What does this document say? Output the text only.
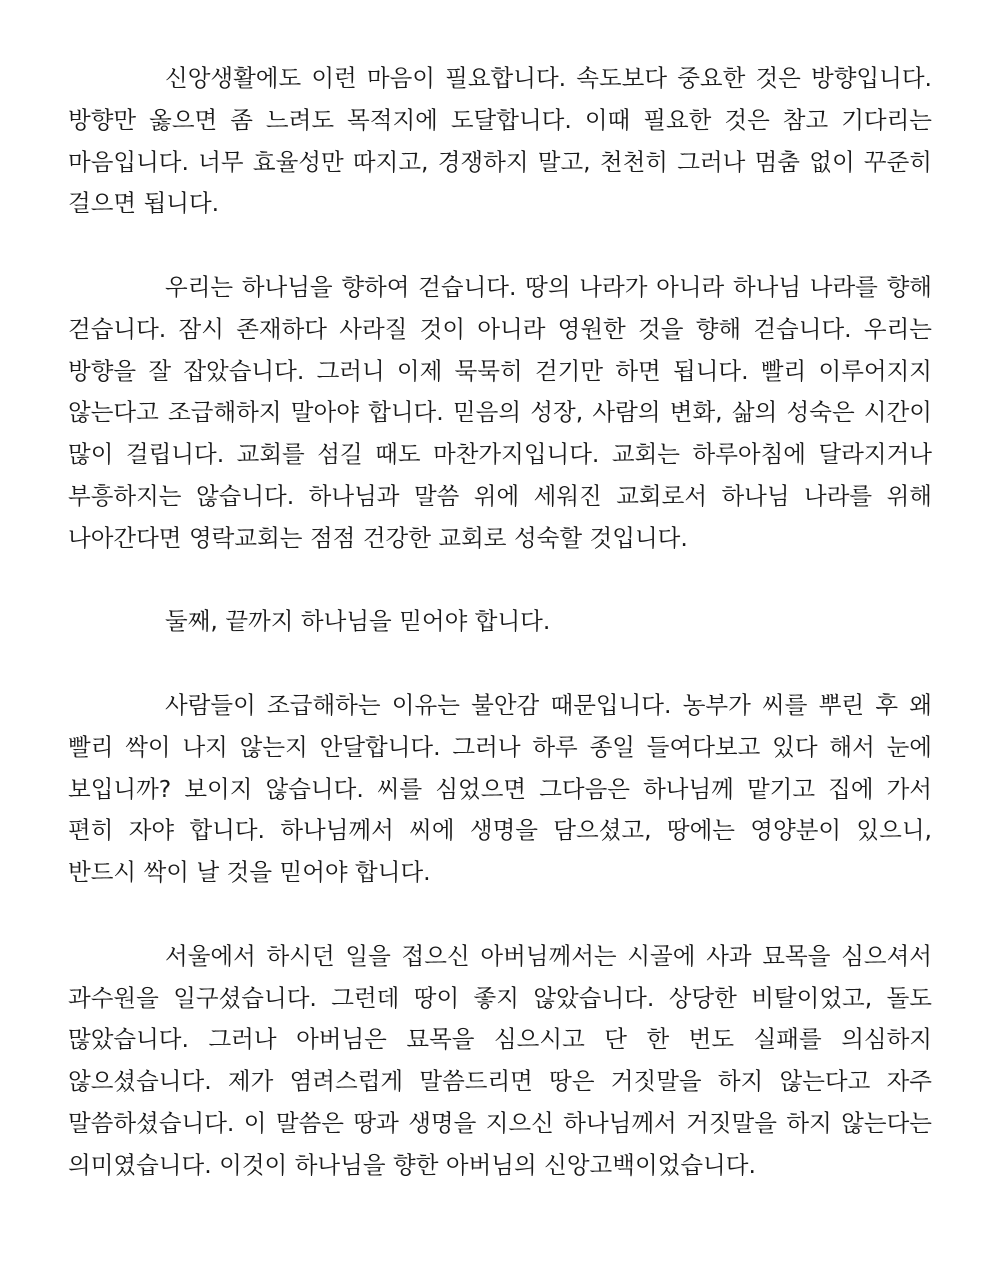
신앙생활에도 이런 마음이 필요합니다. 속도보다 중요한 것은 방향입니다. 방향만 옳으면 좀 느려도 목적지에 도달합니다. 이때 필요한 것은 참고 기다리는 마음입니다. 너무 효율성만 따지고, 경쟁하지 말고, 천천히 그러나 멈춤 없이 꾸준히 걸으면 됩니다.

우리는 하나님을 향하여 걷습니다. 땅의 나라가 아니라 하나님 나라를 향해 걷습니다. 잠시 존재하다 사라질 것이 아니라 영원한 것을 향해 걷습니다. 우리는 방향을 잘 잡았습니다. 그러니 이제 묵묵히 걷기만 하면 됩니다. 빨리 이루어지지 않는다고 조급해하지 말아야 합니다. 믿음의 성장, 사람의 변화, 삶의 성숙은 시간이 많이 걸립니다. 교회를 섬길 때도 마찬가지입니다. 교회는 하루아침에 달라지거나 부흥하지는 않습니다. 하나님과 말씀 위에 세워진 교회로서 하나님 나라를 위해 나아간다면 영락교회는 점점 건강한 교회로 성숙할 것입니다.

둘째, 끝까지 하나님을 믿어야 합니다.

사람들이 조급해하는 이유는 불안감 때문입니다. 농부가 씨를 뿌린 후 왜 빨리 싹이 나지 않는지 안달합니다. 그러나 하루 종일 들여다보고 있다 해서 눈에 보입니까? 보이지 않습니다. 씨를 심었으면 그다음은 하나님께 맡기고 집에 가서 편히 자야 합니다. 하나님께서 씨에 생명을 담으셨고, 땅에는 영양분이 있으니, 반드시 싹이 날 것을 믿어야 합니다.

서울에서 하시던 일을 접으신 아버님께서는 시골에 사과 묘목을 심으셔서 과수원을 일구셨습니다. 그런데 땅이 좋지 않았습니다. 상당한 비탈이었고, 돌도 많았습니다. 그러나 아버님은 묘목을 심으시고 단 한 번도 실패를 의심하지 않으셨습니다. 제가 염려스럽게 말씀드리면 땅은 거짓말을 하지 않는다고 자주 말씀하셨습니다. 이 말씀은 땅과 생명을 지으신 하나님께서 거짓말을 하지 않는다는 의미였습니다. 이것이 하나님을 향한 아버님의 신앙고백이었습니다.
